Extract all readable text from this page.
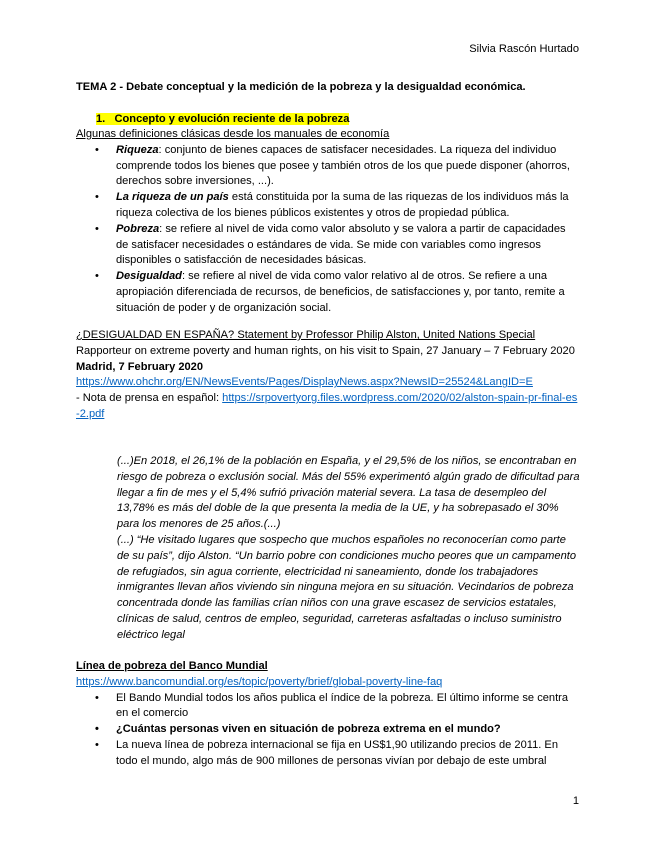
Silvia Rascón Hurtado
TEMA 2 - Debate conceptual y la medición de la pobreza y la desigualdad económica.
1. Concepto y evolución reciente de la pobreza
Algunas definiciones clásicas desde los manuales de economía
• Riqueza: conjunto de bienes capaces de satisfacer necesidades. La riqueza del individuo comprende todos los bienes que posee y también otros de los que puede disponer (ahorros, derechos sobre inversiones, ...).
• La riqueza de un país está constituida por la suma de las riquezas de los individuos más la riqueza colectiva de los bienes públicos existentes y otros de propiedad pública.
• Pobreza: se refiere al nivel de vida como valor absoluto y se valora a partir de capacidades de satisfacer necesidades o estándares de vida. Se mide con variables como ingresos disponibles o satisfacción de necesidades básicas.
• Desigualdad: se refiere al nivel de vida como valor relativo al de otros. Se refiere a una apropiación diferenciada de recursos, de beneficios, de satisfacciones y, por tanto, remite a situación de poder y de organización social.
¿DESIGUALDAD EN ESPAÑA? Statement by Professor Philip Alston, United Nations Special Rapporteur on extreme poverty and human rights, on his visit to Spain, 27 January – 7 February 2020 Madrid, 7 February 2020
https://www.ohchr.org/EN/NewsEvents/Pages/DisplayNews.aspx?NewsID=25524&LangID=E
- Nota de prensa en español: https://srpovertyorg.files.wordpress.com/2020/02/alston-spain-pr-final-es-2.pdf

(...)En 2018, el 26,1% de la población en España, y el 29,5% de los niños, se encontraban en riesgo de pobreza o exclusión social. Más del 55% experimentó algún grado de dificultad para llegar a fin de mes y el 5,4% sufrió privación material severa. La tasa de desempleo del 13,78% es más del doble de la que presenta la media de la UE, y ha sobrepasado el 30% para los menores de 25 años.(...)

(...) “He visitado lugares que sospecho que muchos españoles no reconocerían como parte de su país”, dijo Alston. “Un barrio pobre con condiciones mucho peores que un campamento de refugiados, sin agua corriente, electricidad ni saneamiento, donde los trabajadores inmigrantes llevan años viviendo sin ninguna mejora en su situación. Vecindarios de pobreza concentrada donde las familias crían niños con una grave escasez de servicios estatales, clínicas de salud, centros de empleo, seguridad, carreteras asfaltadas o incluso suministro eléctrico legal

Línea de pobreza del Banco Mundial
https://www.bancomundial.org/es/topic/poverty/brief/global-poverty-line-faq
• El Bando Mundial todos los años publica el índice de la pobreza. El último informe se centra en el comercio
• ¿Cuántas personas viven en situación de pobreza extrema en el mundo?
• La nueva línea de pobreza internacional se fija en US$1,90 utilizando precios de 2011. En todo el mundo, algo más de 900 millones de personas vivían por debajo de este umbral
1
